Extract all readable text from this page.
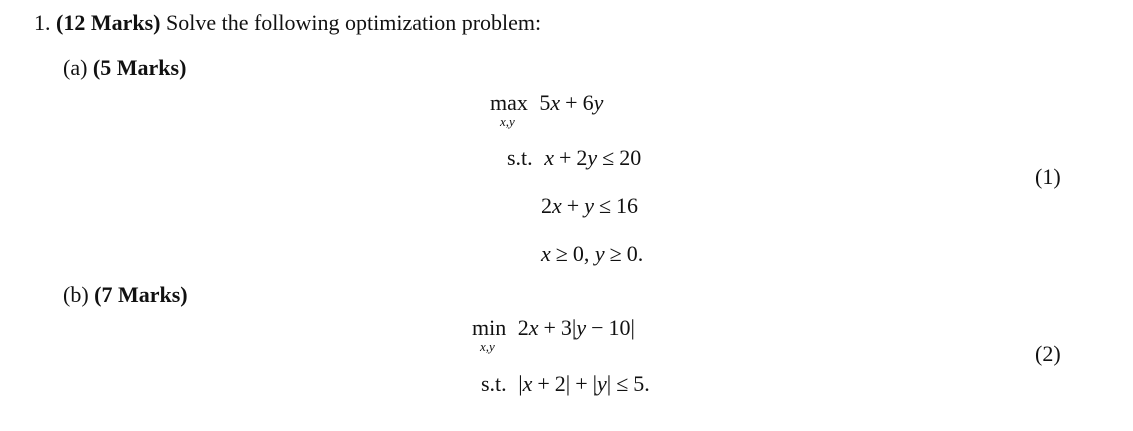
1. (12 Marks) Solve the following optimization problem:
(a) (5 Marks)
max 5x + 6y
x,y
s.t. x + 2y ≤ 20
2x + y ≤ 16
x ≥ 0, y ≥ 0.
(1)
(b) (7 Marks)
min 2x + 3|y − 10|
x,y
s.t. |x + 2| + |y| ≤ 5.
(2)
